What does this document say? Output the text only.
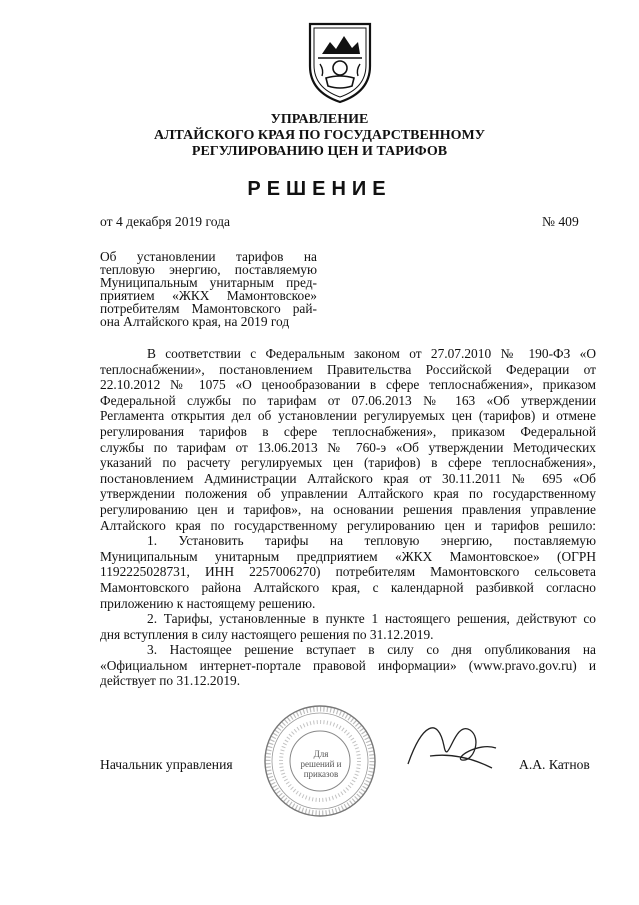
УПРАВЛЕНИЕ
АЛТАЙСКОГО КРАЯ ПО ГОСУДАРСТВЕННОМУ
РЕГУЛИРОВАНИЮ ЦЕН И ТАРИФОВ
РЕШЕНИЕ
от 4 декабря 2019 года	№ 409
Об установлении тарифов на
тепловую энергию, поставляемую
Муниципальным унитарным пред-
приятием «ЖКХ Мамонтовское»
потребителям Мамонтовского рай-
она Алтайского края, на 2019 год

В соответствии с Федеральным законом от 27.07.2010 № 190-ФЗ «О
теплоснабжении», постановлением Правительства Российской Федерации от
22.10.2012 № 1075 «О ценообразовании в сфере теплоснабжения», приказом
Федеральной службы по тарифам от 07.06.2013 № 163 «Об утверждении
Регламента открытия дел об установлении регулируемых цен (тарифов) и отмене
регулирования тарифов в сфере теплоснабжения», приказом Федеральной
службы по тарифам от 13.06.2013 № 760-э «Об утверждении Методических
указаний по расчету регулируемых цен (тарифов) в сфере теплоснабжения»,
постановлением Администрации Алтайского края от 30.11.2011 № 695 «Об
утверждении положения об управлении Алтайского края по государственному
регулированию цен и тарифов», на основании решения правления управление
Алтайского края по государственному регулированию цен и тарифов решило:

1. Установить тарифы на тепловую энергию, поставляемую
Муниципальным унитарным предприятием «ЖКХ Мамонтовское» (ОГРН
1192225028731, ИНН 2257006270) потребителям Мамонтовского сельсовета
Мамонтовского района Алтайского края, с календарной разбивкой согласно
приложению к настоящему решению.

2. Тарифы, установленные в пункте 1 настоящего решения, действуют со
дня вступления в силу настоящего решения по 31.12.2019.

3. Настоящее решение вступает в силу со дня опубликования на
«Официальном интернет-портале правовой информации» (www.pravo.gov.ru) и
действует по 31.12.2019.

Для решений и приказов
Начальник управления	А.А. Катнов
